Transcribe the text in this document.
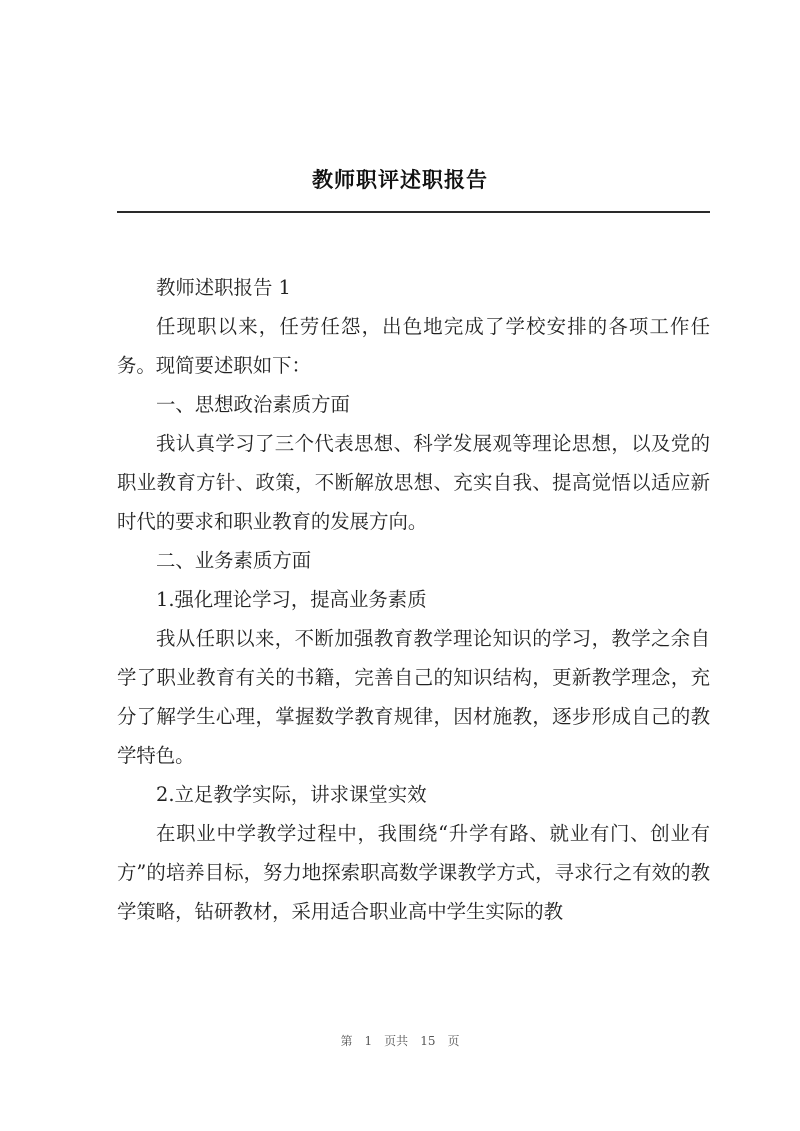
教师职评述职报告

教师述职报告 1

任现职以来，任劳任怨，出色地完成了学校安排的各项工作任务。现简要述职如下：

一、思想政治素质方面

我认真学习了三个代表思想、科学发展观等理论思想，以及党的职业教育方针、政策，不断解放思想、充实自我、提高觉悟以适应新时代的要求和职业教育的发展方向。

二、业务素质方面

1.强化理论学习，提高业务素质

我从任职以来，不断加强教育教学理论知识的学习，教学之余自学了职业教育有关的书籍，完善自己的知识结构，更新教学理念，充分了解学生心理，掌握数学教育规律，因材施教，逐步形成自己的教学特色。

2.立足教学实际，讲求课堂实效

在职业中学教学过程中，我围绕“升学有路、就业有门、创业有方”的培养目标，努力地探索职高数学课教学方式，寻求行之有效的教学策略，钻研教材，采用适合职业高中学生实际的教

第 1 页共 15 页
